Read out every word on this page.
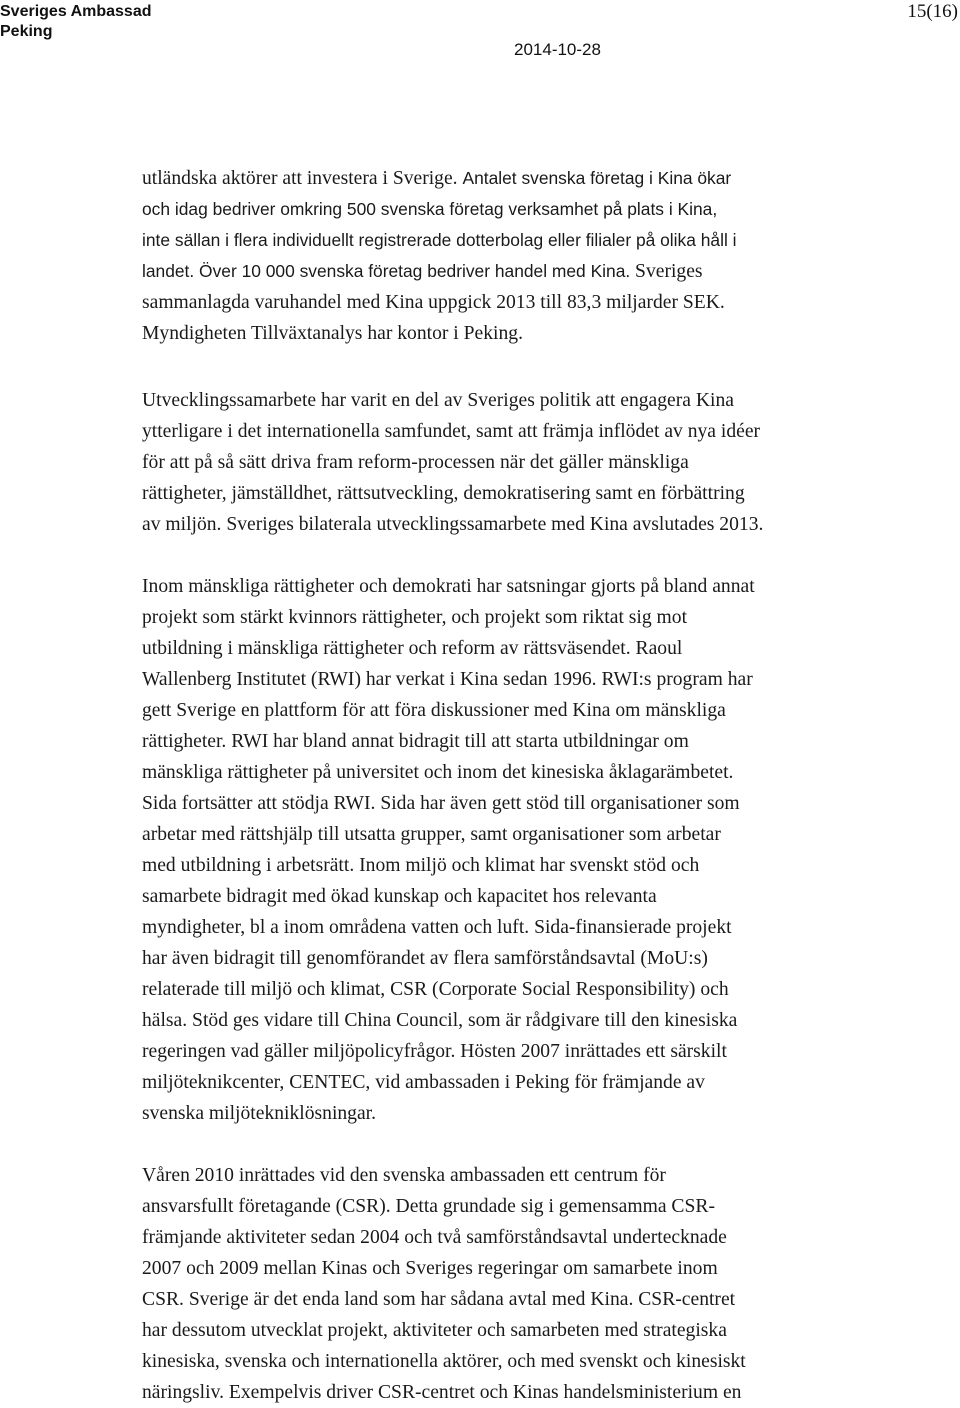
Sveriges Ambassad
Peking
15(16)
2014-10-28

utländska aktörer att investera i Sverige. Antalet svenska företag i Kina ökar
och idag bedriver omkring 500 svenska företag verksamhet på plats i Kina,
inte sällan i flera individuellt registrerade dotterbolag eller filialer på olika håll i
landet. Över 10 000 svenska företag bedriver handel med Kina. Sveriges
sammanlagda varuhandel med Kina uppgick 2013 till 83,3 miljarder SEK.
Myndigheten Tillväxtanalys har kontor i Peking.

Utvecklingssamarbete har varit en del av Sveriges politik att engagera Kina
ytterligare i det internationella samfundet, samt att främja inflödet av nya idéer
för att på så sätt driva fram reform-processen när det gäller mänskliga
rättigheter, jämställdhet, rättsutveckling, demokratisering samt en förbättring
av miljön. Sveriges bilaterala utvecklingssamarbete med Kina avslutades 2013.

Inom mänskliga rättigheter och demokrati har satsningar gjorts på bland annat
projekt som stärkt kvinnors rättigheter, och projekt som riktat sig mot
utbildning i mänskliga rättigheter och reform av rättsväsendet. Raoul
Wallenberg Institutet (RWI) har verkat i Kina sedan 1996. RWI:s program har
gett Sverige en plattform för att föra diskussioner med Kina om mänskliga
rättigheter. RWI har bland annat bidragit till att starta utbildningar om
mänskliga rättigheter på universitet och inom det kinesiska åklagarämbetet.
Sida fortsätter att stödja RWI. Sida har även gett stöd till organisationer som
arbetar med rättshjälp till utsatta grupper, samt organisationer som arbetar
med utbildning i arbetsrätt. Inom miljö och klimat har svenskt stöd och
samarbete bidragit med ökad kunskap och kapacitet hos relevanta
myndigheter, bl a inom områdena vatten och luft. Sida-finansierade projekt
har även bidragit till genomförandet av flera samförståndsavtal (MoU:s)
relaterade till miljö och klimat, CSR (Corporate Social Responsibility) och
hälsa. Stöd ges vidare till China Council, som är rådgivare till den kinesiska
regeringen vad gäller miljöpolicyfrågor. Hösten 2007 inrättades ett särskilt
miljöteknikcenter, CENTEC, vid ambassaden i Peking för främjande av
svenska miljötekniklösningar.

Våren 2010 inrättades vid den svenska ambassaden ett centrum för
ansvarsfullt företagande (CSR). Detta grundade sig i gemensamma CSR-
främjande aktiviteter sedan 2004 och två samförståndsavtal undertecknade
2007 och 2009 mellan Kinas och Sveriges regeringar om samarbete inom
CSR. Sverige är det enda land som har sådana avtal med Kina. CSR-centret
har dessutom utvecklat projekt, aktiviteter och samarbeten med strategiska
kinesiska, svenska och internationella aktörer, och med svenskt och kinesiskt
näringsliv. Exempelvis driver CSR-centret och Kinas handelsministerium en
